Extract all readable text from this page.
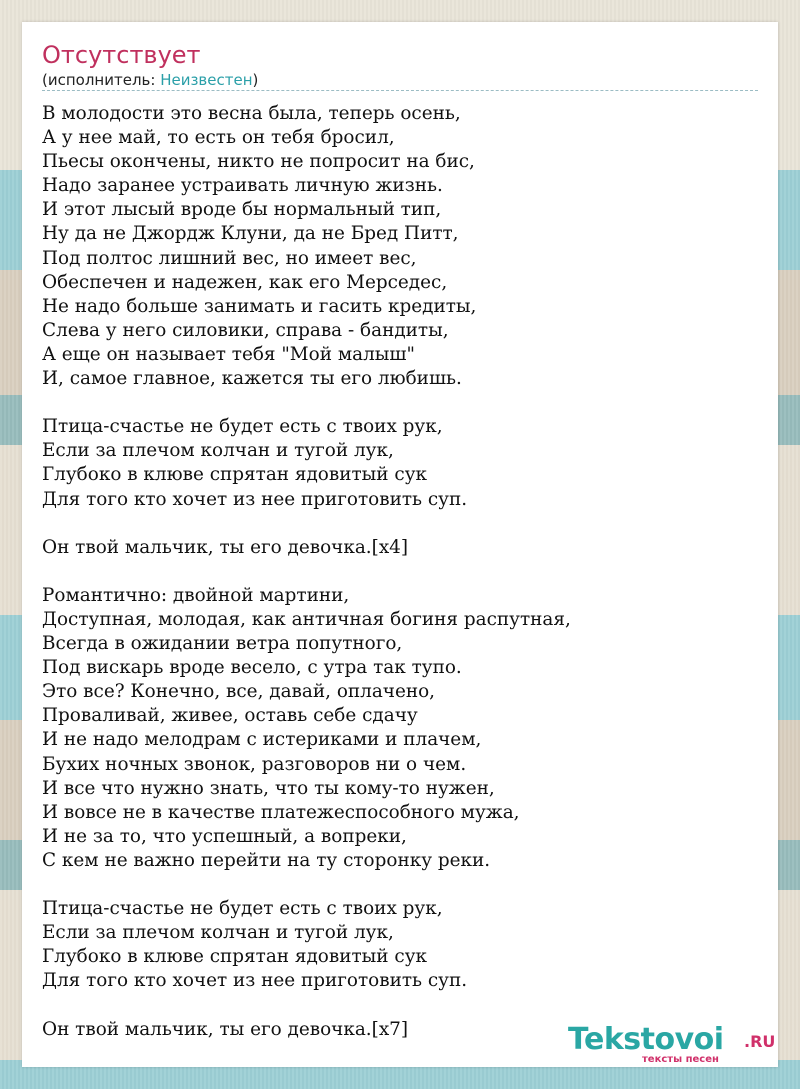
Отсутствует
(исполнитель: Неизвестен)
В молодости это весна была, теперь осень,
А у нее май, то есть он тебя бросил,
Пьесы окончены, никто не попросит на бис,
Надо заранее устраивать личную жизнь.
И этот лысый вроде бы нормальный тип,
Ну да не Джордж Клуни, да не Бред Питт,
Под полтос лишний вес, но имеет вес,
Обеспечен и надежен, как его Мерседес,
Не надо больше занимать и гасить кредиты,
Слева у него силовики, справа - бандиты,
А еще он называет тебя "Мой малыш"
И, самое главное, кажется ты его любишь.
Птица-счастье не будет есть с твоих рук,
Если за плечом колчан и тугой лук,
Глубоко в клюве спрятан ядовитый сук
Для того кто хочет из нее приготовить суп.
Он твой мальчик, ты его девочка.[x4]
Романтично: двойной мартини,
Доступная, молодая, как античная богиня распутная,
Всегда в ожидании ветра попутного,
Под вискарь вроде весело, с утра так тупо.
Это все? Конечно, все, давай, оплачено,
Проваливай, живее, оставь себе сдачу
И не надо мелодрам с истериками и плачем,
Бухих ночных звонок, разговоров ни о чем.
И все что нужно знать, что ты кому-то нужен,
И вовсе не в качестве платежеспособного мужа,
И не за то, что успешный, а вопреки,
С кем не важно перейти на ту сторонку реки.
Птица-счастье не будет есть с твоих рук,
Если за плечом колчан и тугой лук,
Глубоко в клюве спрятан ядовитый сук
Для того кто хочет из нее приготовить суп.
Он твой мальчик, ты его девочка.[x7]	Tekstovoi .RU
тексты песен
